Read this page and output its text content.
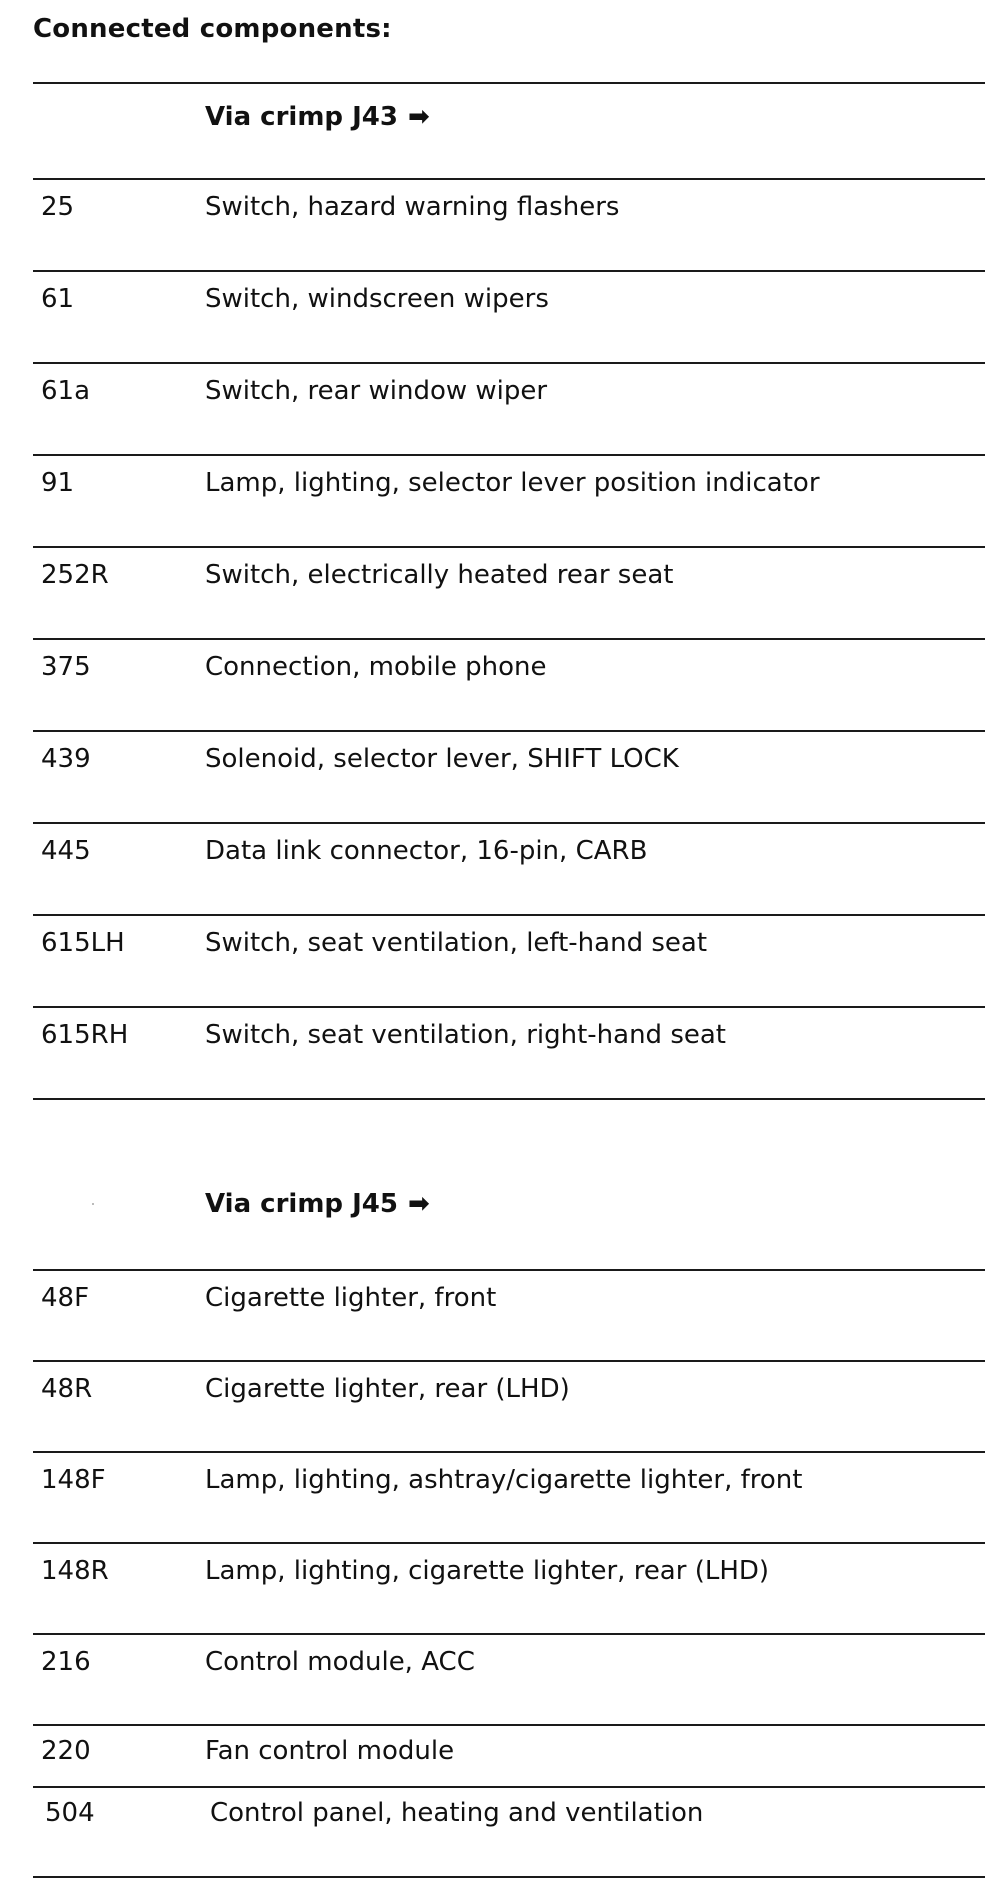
Connected components:
Via crimp J43 ➡
25	Switch, hazard warning flashers
61	Switch, windscreen wipers
61a	Switch, rear window wiper
91	Lamp, lighting, selector lever position indicator
252R	Switch, electrically heated rear seat
375	Connection, mobile phone
439	Solenoid, selector lever, SHIFT LOCK
445	Data link connector, 16-pin, CARB
615LH	Switch, seat ventilation, left-hand seat
615RH	Switch, seat ventilation, right-hand seat
Via crimp J45 ➡
48F	Cigarette lighter, front
48R	Cigarette lighter, rear (LHD)
148F	Lamp, lighting, ashtray/cigarette lighter, front
148R	Lamp, lighting, cigarette lighter, rear (LHD)
216	Control module, ACC
220	Fan control module
504	Control panel, heating and ventilation
